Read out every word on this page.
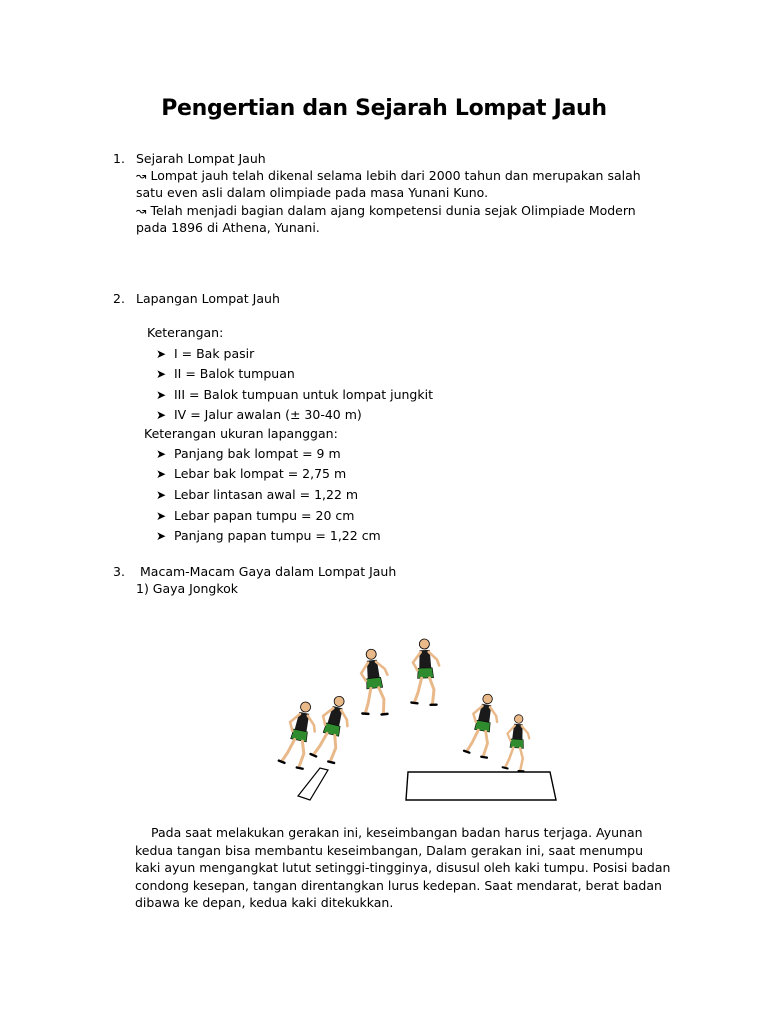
Pengertian dan Sejarah Lompat Jauh
1. Sejarah Lompat Jauh
↝ Lompat jauh telah dikenal selama lebih dari 2000 tahun dan merupakan salah
satu even asli dalam olimpiade pada masa Yunani Kuno.
↝ Telah menjadi bagian dalam ajang kompetensi dunia sejak Olimpiade Modern
pada 1896 di Athena, Yunani.
2. Lapangan Lompat Jauh
Keterangan:
➤ I = Bak pasir
➤ II = Balok tumpuan
➤ III = Balok tumpuan untuk lompat jungkit
➤ IV = Jalur awalan (± 30-40 m)
Keterangan ukuran lapanggan:
➤ Panjang bak lompat = 9 m
➤ Lebar bak lompat = 2,75 m
➤ Lebar lintasan awal = 1,22 m
➤ Lebar papan tumpu = 20 cm
➤ Panjang papan tumpu = 1,22 cm
3. Macam-Macam Gaya dalam Lompat Jauh
1) Gaya Jongkok

Pada saat melakukan gerakan ini, keseimbangan badan harus terjaga. Ayunan

kedua tangan bisa membantu keseimbangan, Dalam gerakan ini, saat menumpu

kaki ayun mengangkat lutut setinggi-tingginya, disusul oleh kaki tumpu. Posisi badan

condong kesepan, tangan direntangkan lurus kedepan. Saat mendarat, berat badan

dibawa ke depan, kedua kaki ditekukkan.
